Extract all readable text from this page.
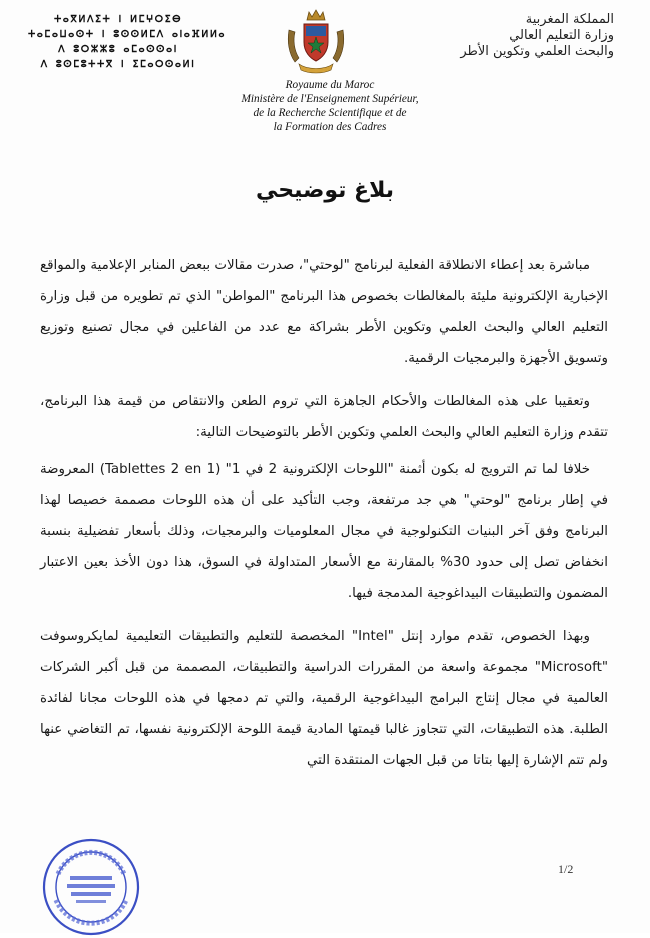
المملكة المغربية
وزارة التعليم العالي
والبحث العلمي وتكوين الأطر
ⵜⴰⴳⵍⴷⵉⵜ ⵏ ⵍⵎⵖⵔⵉⴱ
ⵜⴰⵎⴰⵡⴰⵙⵜ ⵏ ⵓⵙⵙⵍⵎⴷ ⴰⵏⴰⴼⵍⵍⴰ
ⴷ ⵓⵔⵣⵣⵓ ⴰⵎⴰⵙⵙⴰⵏ
ⴷ ⵓⵙⵎⵓⵜⵜⴳ ⵏ ⵉⵎⴰⵔⵙⴰⵍⵏ
Royaume du Maroc
Ministère de l'Enseignement Supérieur,
de la Recherche Scientifique et de
la Formation des Cadres
بلاغ توضيحي

مباشرة بعد إعطاء الانطلاقة الفعلية لبرنامج "لوحتي"، صدرت مقالات ببعض المنابر الإعلامية والمواقع الإخبارية الإلكترونية مليئة بالمغالطات بخصوص هذا البرنامج "المواطن" الذي تم تطويره من قبل وزارة التعليم العالي والبحث العلمي وتكوين الأطر بشراكة مع عدد من الفاعلين في مجال تصنيع وتوزيع وتسويق الأجهزة والبرمجيات الرقمية.

وتعقيبا على هذه المغالطات والأحكام الجاهزة التي تروم الطعن والانتقاص من قيمة هذا البرنامج، تتقدم وزارة التعليم العالي والبحث العلمي وتكوين الأطر بالتوضيحات التالية:

خلافا لما تم الترويج له بكون أثمنة "اللوحات الإلكترونية 2 في 1" (Tablettes 2 en 1) المعروضة في إطار برنامج "لوحتي" هي جد مرتفعة، وجب التأكيد على أن هذه اللوحات مصممة خصيصا لهذا البرنامج وفق آخر البنيات التكنولوجية في مجال المعلوميات والبرمجيات، وذلك بأسعار تفضيلية بنسبة انخفاض تصل إلى حدود 30% بالمقارنة مع الأسعار المتداولة في السوق، هذا دون الأخذ بعين الاعتبار المضمون والتطبيقات البيداغوجية المدمجة فيها.

وبهذا الخصوص، تقدم موارد إنتل "Intel" المخصصة للتعليم والتطبيقات التعليمية لمايكروسوفت "Microsoft" مجموعة واسعة من المقررات الدراسية والتطبيقات، المصممة من قبل أكبر الشركات العالمية في مجال إنتاج البرامج البيداغوجية الرقمية، والتي تم دمجها في هذه اللوحات مجانا لفائدة الطلبة. هذه التطبيقات، التي تتجاوز غالبا قيمتها المادية قيمة اللوحة الإلكترونية نفسها، تم التغاضي عنها ولم تتم الإشارة إليها بتاتا من قبل الجهات المنتقدة التي

1/2
